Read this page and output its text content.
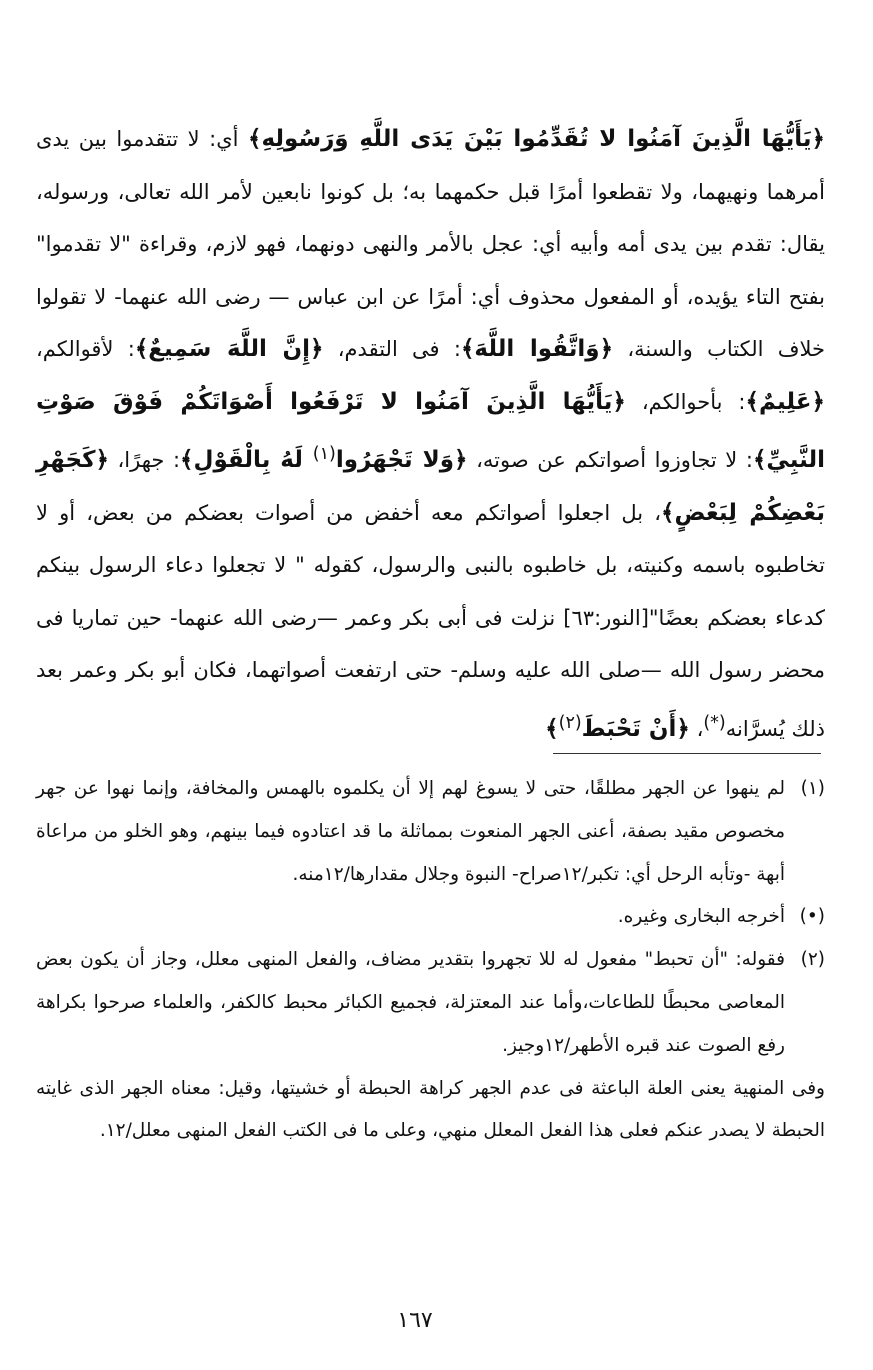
﴿يَأَيُّهَا الَّذِينَ آمَنُوا لا تُقَدِّمُوا بَيْنَ يَدَى اللَّهِ وَرَسُولِهِ﴾ أي: لا تتقدموا بين يدى أمرهما ونهيهما، ولا تقطعوا أمرًا قبل حكمهما به؛ بل كونوا نابعين لأمر الله تعالى، ورسوله، يقال: تقدم بين يدى أمه وأبيه أي: عجل بالأمر والنهى دونهما، فهو لازم، وقراءة "لا تقدموا" بفتح التاء يؤيده، أو المفعول محذوف أي: أمرًا عن ابن عباس — رضى الله عنهما- لا تقولوا خلاف الكتاب والسنة، ﴿وَاتَّقُوا اللَّهَ﴾: فى التقدم، ﴿إِنَّ اللَّهَ سَمِيعٌ﴾: لأقوالكم، ﴿عَلِيمٌ﴾: بأحوالكم، ﴿يَأَيُّهَا الَّذِينَ آمَنُوا لا تَرْفَعُوا أَصْوَاتَكُمْ فَوْقَ صَوْتِ النَّبِيِّ﴾: لا تجاوزوا أصواتكم عن صوته، ﴿وَلا تَجْهَرُوا$^{(١)}$ لَهُ بِالْقَوْلِ﴾: جهرًا، ﴿كَجَهْرِ بَعْضِكُمْ لِبَعْضٍ﴾، بل اجعلوا أصواتكم معه أخفض من أصوات بعضكم من بعض، أو لا تخاطبوه باسمه وكنيته، بل خاطبوه بالنبى والرسول، كقوله " لا تجعلوا دعاء الرسول بينكم كدعاء بعضكم بعضًا"[النور:٦٣] نزلت فى أبى بكر وعمر —رضى الله عنهما- حين تماريا فى محضر رسول الله —صلى الله عليه وسلم- حتى ارتفعت أصواتهما، فكان أبو بكر وعمر بعد ذلك يُسرَّانه(*)، ﴿أَنْ تَحْبَطَ$^{(٢)}$﴾

(١)لم ينهوا عن الجهر مطلقًا، حتى لا يسوغ لهم إلا أن يكلموه بالهمس والمخافة، وإنما نهوا عن جهر مخصوص مقيد بصفة، أعنى الجهر المنعوت بمماثلة ما قد اعتادوه فيما بينهم، وهو الخلو من مراعاة أبهة -وتأبه الرحل أي: تكبر/١٢صراح- النبوة وجلال مقدارها/١٢منه.

(•)أخرجه البخارى وغيره.

(٢)فقوله: "أن تحبط" مفعول له للا تجهروا بتقدير مضاف، والفعل المنهى معلل، وجاز أن يكون بعض المعاصى محبطًا للطاعات،وأما عند المعتزلة، فجميع الكبائر محبط كالكفر، والعلماء صرحوا بكراهة رفع الصوت عند قبره الأطهر/١٢وجيز.

وفى المنهية يعنى العلة الباعثة فى عدم الجهر كراهة الحبطة أو خشيتها، وقيل: معناه الجهر الذى غايته الحبطة لا يصدر عنكم فعلى هذا الفعل المعلل منهي، وعلى ما فى الكتب الفعل المنهى معلل/١٢.

١٦٧
